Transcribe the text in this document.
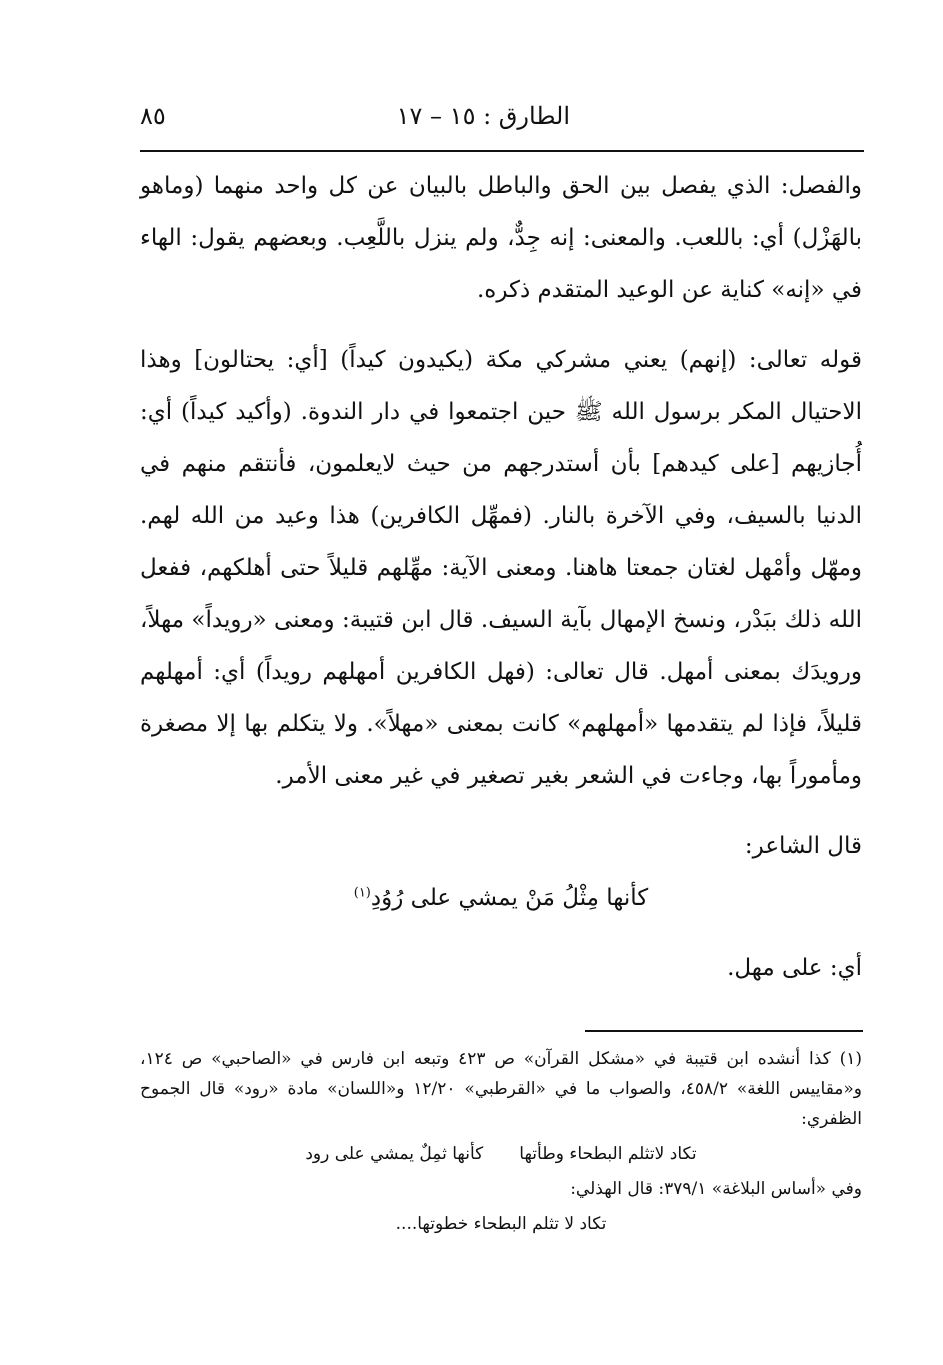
٨٥	الطارق : ١٥ – ١٧

والفصل: الذي يفصل بين الحق والباطل بالبيان عن كل واحد منهما (وماهو بالهَزْل) أي: باللعب. والمعنى: إنه جِدٌّ، ولم ينزل باللَّعِب. وبعضهم يقول: الهاء في «إنه» كناية عن الوعيد المتقدم ذكره.

قوله تعالى: (إنهم) يعني مشركي مكة (يكيدون كيداً) [أي: يحتالون] وهذا الاحتيال المكر برسول الله ﷺ حين اجتمعوا في دار الندوة. (وأكيد كيداً) أي: أُجازيهم [على كيدهم] بأن أستدرجهم من حيث لايعلمون، فأنتقم منهم في الدنيا بالسيف، وفي الآخرة بالنار. (فمهِّل الكافرين) هذا وعيد من الله لهم. ومهّل وأمْهل لغتان جمعتا هاهنا. ومعنى الآية: مهِّلهم قليلاً حتى أهلكهم، ففعل الله ذلك ببَدْر، ونسخ الإمهال بآية السيف. قال ابن قتيبة: ومعنى «رويداً» مهلاً، ورويدَك بمعنى أمهل. قال تعالى: (فهل الكافرين أمهلهم رويداً) أي: أمهلهم قليلاً، فإذا لم يتقدمها «أمهلهم» كانت بمعنى «مهلاً». ولا يتكلم بها إلا مصغرة ومأموراً بها، وجاءت في الشعر بغير تصغير في غير معنى الأمر.

قال الشاعر:

كأنها مِثْلُ مَنْ يمشي على رُوُدِ$^{(١)}$

أي: على مهل.

(١) كذا أنشده ابن قتيبة في «مشكل القرآن» ص ٤٢٣ وتبعه ابن فارس في «الصاحبي» ص ١٢٤، و«مقاييس اللغة» ٤٥٨/٢، والصواب ما في «القرطبي» ١٢/٢٠ و«اللسان» مادة «رود» قال الجموح الظفري:

تكاد لاتثلم البطحاء وطأتهاكأنها ثمِلٌ يمشي على رود

وفي «أساس البلاغة» ٣٧٩/١: قال الهذلي:

تكاد لا تثلم البطحاء خطوتها....
